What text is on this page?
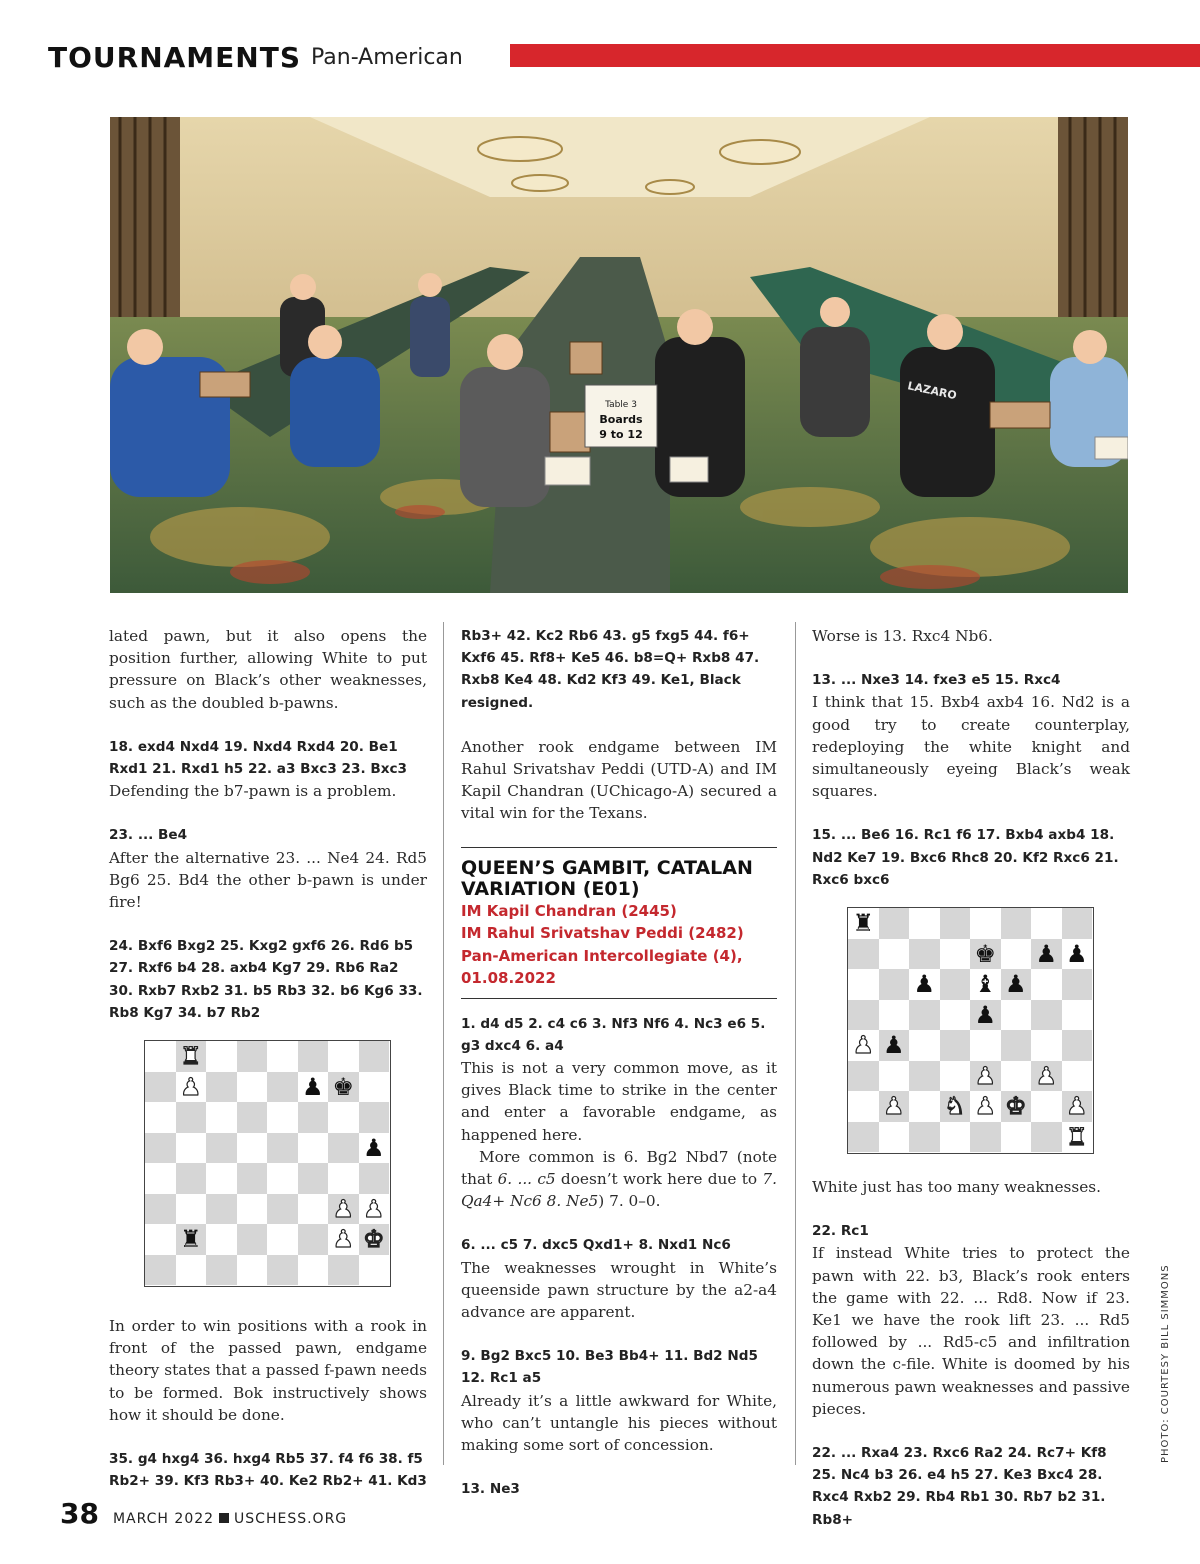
TOURNAMENTS Pan-American
Table 3
Boards
9 to 12
LAZARO
PHOTO: COURTESY BILL SIMMONS

lated pawn, but it also opens the position further, allowing White to put pressure on Black’s other weaknesses, such as the doubled b-pawns.

18. exd4 Nxd4 19. Nxd4 Rxd4 20. Be1 Rxd1 21. Rxd1 h5 22. a3 Bxc3 23. Bxc3

Defending the b7-pawn is a problem.

23. ... Be4

After the alternative 23. ... Ne4 24. Rd5 Bg6 25. Bd4 the other b-pawn is under fire!

24. Bxf6 Bxg2 25. Kxg2 gxf6 26. Rd6 b5 27. Rxf6 b4 28. axb4 Kg7 29. Rb6 Ra2 30. Rxb7 Rxb2 31. b5 Rb3 32. b6 Kg6 33. Rb8 Kg7 34. b7 Rb2

♜
♟	♟ ♚
♟
♟ ♟
♜	♟ ♚

In order to win positions with a rook in front of the passed pawn, endgame theory states that a passed f-pawn needs to be formed. Bok instructively shows how it should be done.

35. g4 hxg4 36. hxg4 Rb5 37. f4 f6 38. f5 Rb2+ 39. Kf3 Rb3+ 40. Ke2 Rb2+ 41. Kd3

Rb3+ 42. Kc2 Rb6 43. g5 fxg5 44. f6+ Kxf6 45. Rf8+ Ke5 46. b8=Q+ Rxb8 47. Rxb8 Ke4 48. Kd2 Kf3 49. Ke1, Black resigned.

Another rook endgame between IM Rahul Srivatshav Peddi (UTD-A) and IM Kapil Chandran (UChicago-A) secured a vital win for the Texans.

QUEEN’S GAMBIT, CATALAN VARIATION (E01)
IM Kapil Chandran (2445)
IM Rahul Srivatshav Peddi (2482)
Pan-American Intercollegiate (4), 01.08.2022

1. d4 d5 2. c4 c6 3. Nf3 Nf6 4. Nc3 e6 5. g3 dxc4 6. a4

This is not a very common move, as it gives Black time to strike in the center and enter a favorable endgame, as happened here.

More common is 6. Bg2 Nbd7 (note that 6. ... c5 doesn’t work here due to 7. Qa4+ Nc6 8. Ne5) 7. 0–0.

6. ... c5 7. dxc5 Qxd1+ 8. Nxd1 Nc6

The weaknesses wrought in White’s queenside pawn structure by the a2-a4 advance are apparent.

9. Bg2 Bxc5 10. Be3 Bb4+ 11. Bd2 Nd5 12. Rc1 a5

Already it’s a little awkward for White, who can’t untangle his pieces without making some sort of concession.

13. Ne3

Worse is 13. Rxc4 Nb6.

13. ... Nxe3 14. fxe3 e5 15. Rxc4

I think that 15. Bxb4 axb4 16. Nd2 is a good try to create counterplay, redeploying the white knight and simultaneously eyeing Black’s weak squares.

15. ... Be6 16. Rc1 f6 17. Bxb4 axb4 18. Nd2 Ke7 19. Bxc6 Rhc8 20. Kf2 Rxc6 21. Rxc6 bxc6

♜
♚ ♟ ♟
♟ ♝ ♟
♟
♟ ♟
♟ ♟
♟ ♞ ♟ ♚ ♟
♜

White just has too many weaknesses.

22. Rc1

If instead White tries to protect the pawn with 22. b3, Black’s rook enters the game with 22. ... Rd8. Now if 23. Ke1 we have the rook lift 23. ... Rd5 followed by ... Rd5-c5 and infiltration down the c-file. White is doomed by his numerous pawn weaknesses and passive pieces.

22. ... Rxa4 23. Rxc6 Ra2 24. Rc7+ Kf8 25. Nc4 b3 26. e4 h5 27. Ke3 Bxc4 28. Rxc4 Rxb2 29. Rb4 Rb1 30. Rb7 b2 31. Rb8+

38 MARCH 2022 USCHESS.ORG
